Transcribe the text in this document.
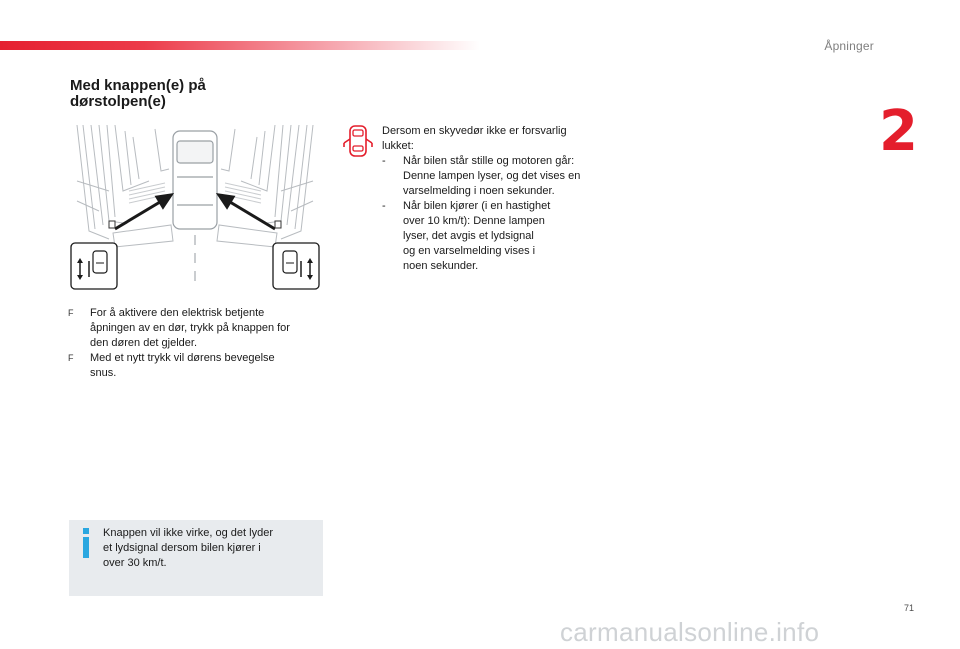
Åpninger
2
Med knappen(e) på
dørstolpen(e)
F For å aktivere den elektrisk betjente
åpningen av en dør, trykk på knappen for
den døren det gjelder.
F Med et nytt trykk vil dørens bevegelse
snus.
Dersom en skyvedør ikke er forsvarlig
lukket:
- Når bilen står stille og motoren går:
Denne lampen lyser, og det vises en
varselmelding i noen sekunder.
- Når bilen kjører (i en hastighet
over 10 km/t): Denne lampen
lyser, det avgis et lydsignal
og en varselmelding vises i
noen sekunder.
Knappen vil ikke virke, og det lyder
et lydsignal dersom bilen kjører i
over 30 km/t.
71
carmanualsonline.info
